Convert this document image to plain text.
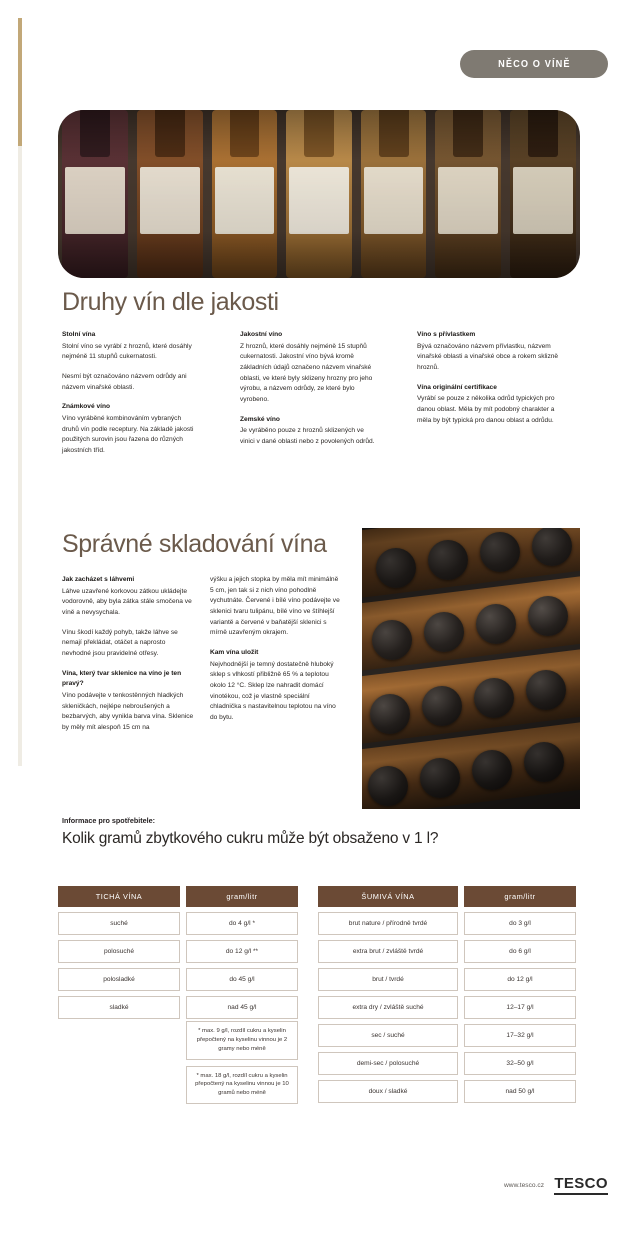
NĚCO O VÍNĚ
Druhy vín dle jakosti
Stolní vína

Stolní víno se vyrábí z hroznů, které dosáhly nejméně 11 stupňů cukernatosti.

Nesmí být označováno názvem odrůdy ani názvem vinařské oblasti.

Známkové víno

Víno vyráběné kombinováním vybraných druhů vín podle receptury. Na základě jakosti použitých surovin jsou řazena do různých jakostních tříd.

Jakostní víno

Z hroznů, které dosáhly nejméně 15 stupňů cukernatosti. Jakostní víno bývá kromě základních údajů označeno názvem vinařské oblasti, ve které byly sklizeny hrozny pro jeho výrobu, a názvem odrůdy, ze které bylo vyrobeno.

Zemské víno

Je vyráběno pouze z hroznů sklizených ve vinici v dané oblasti nebo z povolených odrůd.

Víno s přívlastkem

Bývá označováno názvem přívlastku, názvem vinařské oblasti a vinařské obce a rokem sklizně hroznů.

Vína originální certifikace

Vyrábí se pouze z několika odrůd typických pro danou oblast. Měla by mít podobný charakter a měla by být typická pro danou oblast a odrůdu.

Správné skladování vína
Jak zacházet s láhvemi

Láhve uzavřené korkovou zátkou ukládejte vodorovně, aby byla zátka stále smočena ve víně a nevysychala.

Vínu škodí každý pohyb, takže láhve se nemají překládat, otáčet a naprosto nevhodné jsou pravidelné otřesy.

Vína, který tvar sklenice na víno je ten pravý?

Víno podávejte v tenkostěnných hladkých skleničkách, nejlépe nebroušených a bezbarvých, aby vynikla barva vína. Sklenice by měly mít alespoň 15 cm na

výšku a jejich stopka by měla mít minimálně 5 cm, jen tak si z nich víno pohodlně vychutnáte. Červené i bílé víno podávejte ve sklenici tvaru tulipánu, bílé víno ve štíhlejší variantě a červené v baňatější sklenici s mírně uzavřeným okrajem.

Kam vína uložit

Nejvhodnější je temný dostatečně hluboký sklep s vlhkostí přibližně 65 % a teplotou okolo 12 °C. Sklep lze nahradit domácí vinotékou, což je vlastně speciální chladnička s nastavitelnou teplotou na víno do bytu.

Informace pro spotřebitele:
Kolik gramů zbytkového cukru může být obsaženo v 1 l?
TICHÁ VÍNA	gram/litr
suché	do 4 g/l *
polosuché	do 12 g/l **
polosladké	do 45 g/l
sladké	nad 45 g/l
* max. 9 g/l, rozdíl cukru a kyselin přepočtený na kyselinu vinnou je 2 gramy nebo méně
* max. 18 g/l, rozdíl cukru a kyselin přepočtený na kyselinu vinnou je 10 gramů nebo méně
ŠUMIVÁ VÍNA	gram/litr
brut nature / přírodně tvrdé	do 3 g/l
extra brut / zvláště tvrdé	do 6 g/l
brut / tvrdé	do 12 g/l
extra dry / zvláště suché	12–17 g/l
sec / suché	17–32 g/l
demi-sec / polosuché	32–50 g/l
doux / sladké	nad 50 g/l
www.tesco.cz TESCO
